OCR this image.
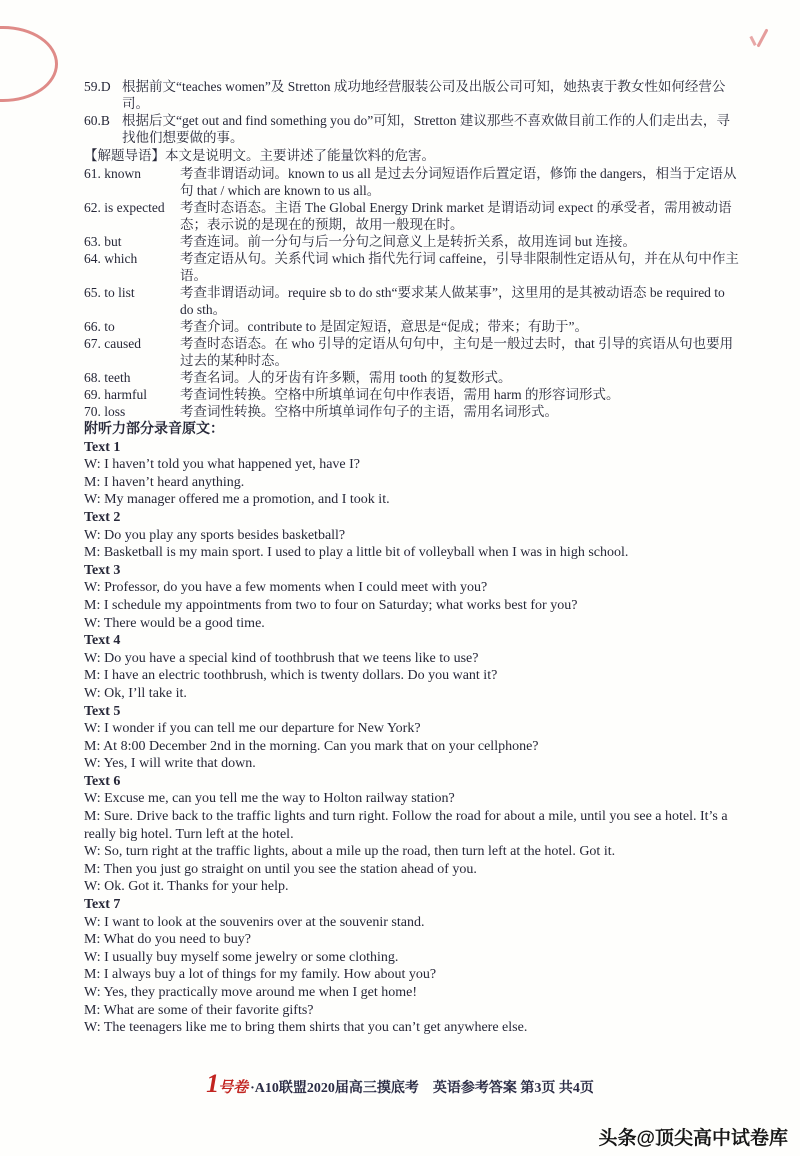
59.D 根据前文“teaches women”及 Stretton 成功地经营服装公司及出版公司可知，她热衷于教女性如何经营公司。
60.B 根据后文“get out and find something you do”可知，Stretton 建议那些不喜欢做目前工作的人们走出去，寻找他们想要做的事。
【解题导语】本文是说明文。主要讲述了能量饮料的危害。
61. known	考查非谓语动词。known to us all 是过去分词短语作后置定语，修饰 the dangers，相当于定语从句 that / which are known to us all。
62. is expected	考查时态语态。主语 The Global Energy Drink market 是谓语动词 expect 的承受者，需用被动语态；表示说的是现在的预期，故用一般现在时。
63. but	考查连词。前一分句与后一分句之间意义上是转折关系，故用连词 but 连接。
64. which	考查定语从句。关系代词 which 指代先行词 caffeine，引导非限制性定语从句，并在从句中作主语。
65. to list	考查非谓语动词。require sb to do sth“要求某人做某事”，这里用的是其被动语态 be required to do sth。
66. to	考查介词。contribute to 是固定短语，意思是“促成；带来；有助于”。
67. caused	考查时态语态。在 who 引导的定语从句句中，主句是一般过去时，that 引导的宾语从句也要用过去的某种时态。
68. teeth	考查名词。人的牙齿有许多颗，需用 tooth 的复数形式。
69. harmful	考查词性转换。空格中所填单词在句中作表语，需用 harm 的形容词形式。
70. loss	考查词性转换。空格中所填单词作句子的主语，需用名词形式。
附听力部分录音原文：
Text 1
W: I haven’t told you what happened yet, have I?
M: I haven’t heard anything.
W: My manager offered me a promotion, and I took it.
Text 2
W: Do you play any sports besides basketball?
M: Basketball is my main sport. I used to play a little bit of volleyball when I was in high school.
Text 3
W: Professor, do you have a few moments when I could meet with you?
M: I schedule my appointments from two to four on Saturday; what works best for you?
W: There would be a good time.
Text 4
W: Do you have a special kind of toothbrush that we teens like to use?
M: I have an electric toothbrush, which is twenty dollars. Do you want it?
W: Ok, I’ll take it.
Text 5
W: I wonder if you can tell me our departure for New York?
M: At 8:00 December 2nd in the morning. Can you mark that on your cellphone?
W: Yes, I will write that down.
Text 6
W: Excuse me, can you tell me the way to Holton railway station?
M: Sure. Drive back to the traffic lights and turn right. Follow the road for about a mile, until you see a hotel. It’s a really big hotel. Turn left at the hotel.
W: So, turn right at the traffic lights, about a mile up the road, then turn left at the hotel. Got it.
M: Then you just go straight on until you see the station ahead of you.
W: Ok. Got it. Thanks for your help.
Text 7
W: I want to look at the souvenirs over at the souvenir stand.
M: What do you need to buy?
W: I usually buy myself some jewelry or some clothing.
M: I always buy a lot of things for my family. How about you?
W: Yes, they practically move around me when I get home!
M: What are some of their favorite gifts?
W: The teenagers like me to bring them shirts that you can’t get anywhere else.
1号卷 ·A10联盟2020届高三摸底考　英语参考答案 第3页 共4页
头条@顶尖高中试卷库
